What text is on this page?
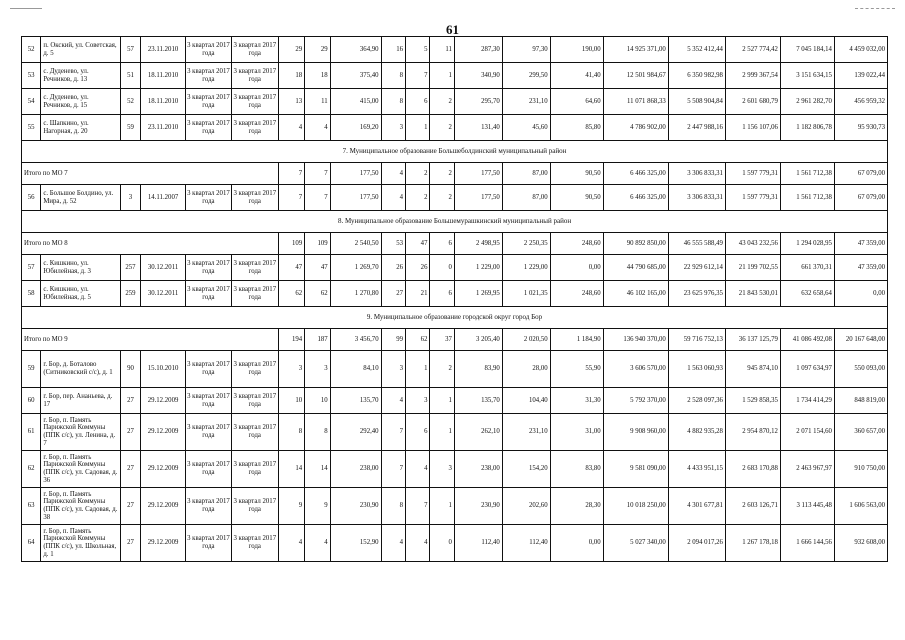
61
52	п. Окский, ул. Советская, д. 5	57	23.11.2010	3 квартал 2017 года	3 квартал 2017 года	29	29	364,90	16	5	11	287,30	97,30	190,00	14 925 371,00	5 352 412,44	2 527 774,42	7 045 184,14	4 459 032,00
53	с. Дуденево, ул. Речников, д. 13	51	18.11.2010	3 квартал 2017 года	3 квартал 2017 года	18	18	375,40	8	7	1	340,90	299,50	41,40	12 501 984,67	6 350 982,98	2 999 367,54	3 151 634,15	139 022,44
54	с. Дуденево, ул. Речников, д. 15	52	18.11.2010	3 квартал 2017 года	3 квартал 2017 года	13	11	415,00	8	6	2	295,70	231,10	64,60	11 071 868,33	5 508 904,84	2 601 680,79	2 961 282,70	456 959,32
55	с. Шапкино, ул. Нагорная, д. 20	59	23.11.2010	3 квартал 2017 года	3 квартал 2017 года	4	4	169,20	3	1	2	131,40	45,60	85,80	4 786 902,00	2 447 988,16	1 156 107,06	1 182 806,78	95 930,73
7. Муниципальное образование Большеболдинский муниципальный район																			
Итого по МО 7						7	7	177,50	4	2	2	177,50	87,00	90,50	6 466 325,00	3 306 833,31	1 597 779,31	1 561 712,38	67 079,00
56	с. Большое Болдино, ул. Мира, д. 52	3	14.11.2007	3 квартал 2017 года	3 квартал 2017 года	7	7	177,50	4	2	2	177,50	87,00	90,50	6 466 325,00	3 306 833,31	1 597 779,31	1 561 712,38	67 079,00
8. Муниципальное образование Большемурашкинский муниципальный район																			
Итого по МО 8						109	109	2 540,50	53	47	6	2 498,95	2 250,35	248,60	90 892 850,00	46 555 588,49	43 043 232,56	1 294 028,95	47 359,00
57	с. Кишкино, ул. Юбилейная, д. 3	257	30.12.2011	3 квартал 2017 года	3 квартал 2017 года	47	47	1 269,70	26	26	0	1 229,00	1 229,00	0,00	44 790 685,00	22 929 612,14	21 199 702,55	661 370,31	47 359,00
58	с. Кишкино, ул. Юбилейная, д. 5	259	30.12.2011	3 квартал 2017 года	3 квартал 2017 года	62	62	1 270,80	27	21	6	1 269,95	1 021,35	248,60	46 102 165,00	23 625 976,35	21 843 530,01	632 658,64	0,00
9. Муниципальное образование городской округ город Бор																			
Итого по МО 9						194	187	3 456,70	99	62	37	3 205,40	2 020,50	1 184,90	136 940 370,00	59 716 752,13	36 137 125,79	41 086 492,08	20 167 648,00
59	г. Бор, д. Боталово (Ситниковский с/с), д. 1	90	15.10.2010	3 квартал 2017 года	3 квартал 2017 года	3	3	84,10	3	1	2	83,90	28,00	55,90	3 606 570,00	1 563 060,93	945 874,10	1 097 634,97	550 093,00
60	г. Бор, пер. Ананьева, д. 17	27	29.12.2009	3 квартал 2017 года	3 квартал 2017 года	10	10	135,70	4	3	1	135,70	104,40	31,30	5 792 370,00	2 528 097,36	1 529 858,35	1 734 414,29	848 819,00
61	г. Бор, п. Память Парижской Коммуны (ППК с/с), ул. Ленина, д. 7	27	29.12.2009	3 квартал 2017 года	3 квартал 2017 года	8	8	292,40	7	6	1	262,10	231,10	31,00	9 908 960,00	4 882 935,28	2 954 870,12	2 071 154,60	360 657,00
62	г. Бор, п. Память Парижской Коммуны (ППК с/с), ул. Садовая, д. 36	27	29.12.2009	3 квартал 2017 года	3 квартал 2017 года	14	14	238,00	7	4	3	238,00	154,20	83,80	9 581 090,00	4 433 951,15	2 683 170,88	2 463 967,97	910 750,00
63	г. Бор, п. Память Парижской Коммуны (ППК с/с), ул. Садовая, д. 38	27	29.12.2009	3 квартал 2017 года	3 квартал 2017 года	9	9	230,90	8	7	1	230,90	202,60	28,30	10 018 250,00	4 301 677,81	2 603 126,71	3 113 445,48	1 606 563,00
64	г. Бор, п. Память Парижской Коммуны (ППК с/с), ул. Школьная, д. 1	27	29.12.2009	3 квартал 2017 года	3 квартал 2017 года	4	4	152,90	4	4	0	112,40	112,40	0,00	5 027 340,00	2 094 017,26	1 267 178,18	1 666 144,56	932 608,00
